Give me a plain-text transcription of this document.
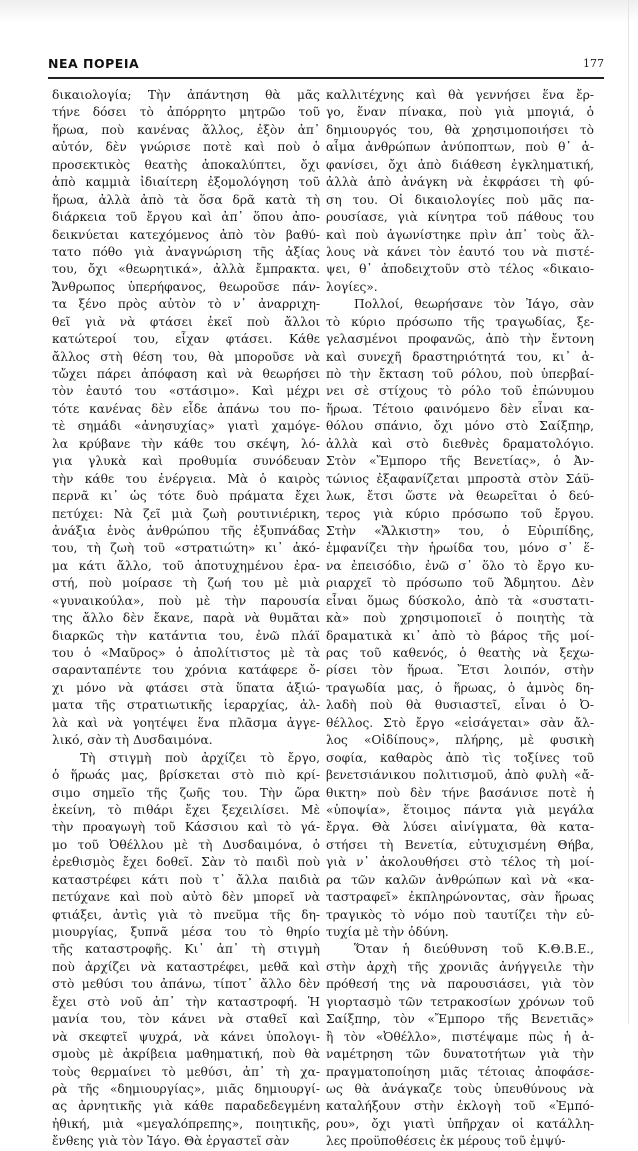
ΝΕΑ ΠΟΡΕΙΑ	177
δικαιολογία; Τὴν ἀπάντηση θὰ μᾶς
τήνε δόσει τὸ ἀπόρρητο μητρῶο τοῦ
ἥρωα, ποὺ κανένας ἄλλος, ἐξὸν ἀπ᾽
αὐτόν, δὲν γνώρισε ποτὲ καὶ ποὺ ὁ
προσεκτικὸς θεατὴς ἀποκαλύπτει, ὄχι
ἀπὸ καμμιὰ ἰδιαίτερη ἐξομολόγηση τοῦ
ἥρωα, ἀλλὰ ἀπὸ τὰ ὅσα δρᾶ κατὰ τὴ
διάρκεια τοῦ ἔργου καὶ ἀπ᾽ ὅπου ἀπο-
δεικνύεται κατεχόμενος ἀπὸ τὸν βαθύ-
τατο πόθο γιὰ ἀναγνώριση τῆς ἀξίας
του, ὄχι «θεωρητικά», ἀλλὰ ἔμπρακτα.
Ἄνθρωπος ὑπερήφανος, θεωροῦσε πάν-
τα ξένο πρὸς αὐτὸν τὸ ν᾽ ἀναρριχη-
θεῖ γιὰ νὰ φτάσει ἐκεῖ ποὺ ἄλλοι
κατώτεροί του, εἶχαν φτάσει. Κάθε
ἄλλος στὴ θέση του, θὰ μποροῦσε νὰ
τὤχει πάρει ἀπόφαση καὶ νὰ θεωρήσει
τὸν ἑαυτό του «στάσιμο». Καὶ μέχρι
τότε κανένας δὲν εἶδε ἀπάνω του πο-
τὲ σημάδι «ἀνησυχίας» γιατὶ χαμόγε-
λα κρύβανε τὴν κάθε του σκέψη, λό-
για γλυκὰ καὶ προθυμία συνόδευαν
τὴν κάθε του ἐνέργεια. Μὰ ὁ καιρὸς
περνᾶ κι᾽ ὡς τότε δυὸ πράματα ἔχει
πετύχει: Νὰ ζεῖ μιὰ ζωὴ ρουτινιέρικη,
ἀνάξια ἑνὸς ἀνθρώπου τῆς ἐξυπνάδας
του, τὴ ζωὴ τοῦ «στρατιώτη» κι᾽ ἀκό-
μα κάτι ἄλλο, τοῦ ἀποτυχημένου ἐρα-
στή, ποὺ μοίρασε τὴ ζωή του μὲ μιὰ
«γυναικούλα», ποὺ μὲ τὴν παρουσία
της ἄλλο δὲν ἔκανε, παρὰ νὰ θυμᾶται
διαρκῶς τὴν κατάντια του, ἐνῶ πλάϊ
του ὁ «Μαῦρος» ὁ ἀπολίτιστος μὲ τὰ
σαρανταπέντε του χρόνια κατάφερε ὄ-
χι μόνο νὰ φτάσει στὰ ὕπατα ἀξιώ-
ματα τῆς στρατιωτικῆς ἱεραρχίας, ἀλ-
λὰ καὶ νὰ γοητέψει ἕνα πλᾶσμα ἀγγε-
λικό, σὰν τὴ Δυσδαιμόνα.
Τὴ στιγμὴ ποὺ ἀρχίζει τὸ ἔργο,
ὁ ἥρωάς μας, βρίσκεται στὸ πιὸ κρί-
σιμο σημεῖο τῆς ζωῆς του. Τὴν ὥρα
ἐκείνη, τὸ πιθάρι ἔχει ξεχειλίσει. Μὲ
τὴν προαγωγὴ τοῦ Κάσσιου καὶ τὸ γά-
μο τοῦ Ὀθέλλου μὲ τὴ Δυσδαιμόνα, ὁ
ἐρεθισμὸς ἔχει δοθεῖ. Σὰν τὸ παιδὶ ποὺ
καταστρέφει κάτι ποὺ τ᾽ ἄλλα παιδιὰ
πετύχανε καὶ ποὺ αὐτὸ δὲν μπορεῖ νὰ
φτιάξει, ἀντὶς γιὰ τὸ πνεῦμα τῆς δη-
μιουργίας, ξυπνᾶ μέσα του τὸ θηρίο
τῆς καταστροφῆς. Κι᾽ ἀπ᾽ τὴ στιγμὴ
ποὺ ἀρχίζει νὰ καταστρέφει, μεθᾶ καὶ
στὸ μεθύσι του ἀπάνω, τίποτ᾽ ἄλλο δὲν
ἔχει στὸ νοῦ ἀπ᾽ τὴν καταστροφή. Ἡ
μανία του, τὸν κάνει νὰ σταθεῖ καὶ
νὰ σκεφτεῖ ψυχρά, νὰ κάνει ὑπολογι-
σμοὺς μὲ ἀκρίβεια μαθηματική, ποὺ θὰ
τοὺς θερμαίνει τὸ μεθύσι, ἀπ᾽ τὴ χα-
ρὰ τῆς «δημιουργίας», μιᾶς δημιουργί-
ας ἀρνητικῆς γιὰ κάθε παραδεδεγμένη
ἠθική, μιὰ «μεγαλόπρεπης», ποιητικῆς,
ἔνθεης γιὰ τὸν Ἰάγο. Θὰ ἐργαστεῖ σὰν
καλλιτέχνης καὶ θὰ γεννήσει ἕνα ἔρ-
γο, ἕναν πίνακα, ποὺ γιὰ μπογιά, ὁ
δημιουργός του, θὰ χρησιμοποιήσει τὸ
αἷμα ἀνθρώπων ἀνύποπτων, ποὺ θ᾽ ἀ-
φανίσει, ὄχι ἀπὸ διάθεση ἐγκληματική,
ἀλλὰ ἀπὸ ἀνάγκη νὰ ἐκφράσει τὴ φύ-
ση του. Οἱ δικαιολογίες ποὺ μᾶς πα-
ρουσίασε, γιὰ κίνητρα τοῦ πάθους του
καὶ ποὺ ἀγωνίστηκε πρὶν ἀπ᾽ τοὺς ἄλ-
λους νὰ κάνει τὸν ἑαυτό του νὰ πιστέ-
ψει, θ᾽ ἀποδειχτοῦν στὸ τέλος «δικαιο-
λογίες».
Πολλοί, θεωρήσανε τὸν Ἰάγο, σὰν
τὸ κύριο πρόσωπο τῆς τραγωδίας, ξε-
γελασμένοι προφανῶς, ἀπὸ τὴν ἔντονη
καὶ συνεχῆ δραστηριότητά του, κι᾽ ἀ-
πὸ τὴν ἔκταση τοῦ ρόλου, ποὺ ὑπερβαί-
νει σὲ στίχους τὸ ρόλο τοῦ ἐπώνυμου
ἥρωα. Τέτοιο φαινόμενο δὲν εἶναι κα-
θόλου σπάνιο, ὄχι μόνο στὸ Σαίξπηρ,
ἀλλὰ καὶ στὸ διεθνὲς δραματολόγιο.
Στὸν «Ἔμπορο τῆς Βενετίας», ὁ Ἀν-
τώνιος ἐξαφανίζεται μπροστὰ στὸν Σάϋ-
λωκ, ἔτσι ὥστε νὰ θεωρεῖται ὁ δεύ-
τερος γιὰ κύριο πρόσωπο τοῦ ἔργου.
Στὴν «Ἄλκιστη» του, ὁ Εὐριπίδης,
ἐμφανίζει τὴν ἡρωίδα του, μόνο σ᾽ ἕ-
να ἐπεισόδιο, ἐνῶ σ᾽ ὅλο τὸ ἔργο κυ-
ριαρχεῖ τὸ πρόσωπο τοῦ Ἄδμητου. Δὲν
εἶναι ὅμως δύσκολο, ἀπὸ τὰ «συστατι-
κὰ» ποὺ χρησιμοποιεῖ ὁ ποιητὴς τὰ
δραματικὰ κι᾽ ἀπὸ τὸ βάρος τῆς μοί-
ρας τοῦ καθενός, ὁ θεατὴς νὰ ξεχω-
ρίσει τὸν ἥρωα. Ἔτσι λοιπόν, στὴν
τραγωδία μας, ὁ ἥρωας, ὁ ἀμνὸς δη-
λαδὴ ποὺ θὰ θυσιαστεῖ, εἶναι ὁ Ὀ-
θέλλος. Στὸ ἔργο «εἰσάγεται» σὰν ἄλ-
λος «Οἰδίπους», πλήρης, μὲ φυσικὴ
σοφία, καθαρὸς ἀπὸ τὶς τοξίνες τοῦ
βενετσιάνικου πολιτισμοῦ, ἀπὸ φυλὴ «ἄ-
θικτη» ποὺ δὲν τήνε βασάνισε ποτὲ ἡ
«ὑποψία», ἕτοιμος πάντα γιὰ μεγάλα
ἔργα. Θὰ λύσει αἰνίγματα, θὰ κατα-
στήσει τὴ Βενετία, εὐτυχισμένη Θήβα,
γιὰ ν᾽ ἀκολουθήσει στὸ τέλος τὴ μοί-
ρα τῶν καλῶν ἀνθρώπων καὶ νὰ «κα-
ταστραφεῖ» ἐκπληρώνοντας, σὰν ἥρωας
τραγικὸς τὸ νόμο ποὺ ταυτίζει τὴν εὐ-
τυχία μὲ τὴν ὀδύνη.
Ὅταν ἡ διεύθυνση τοῦ Κ.Θ.Β.Ε.,
στὴν ἀρχὴ τῆς χρονιᾶς ἀνήγγειλε τὴν
πρόθεσή της νὰ παρουσιάσει, γιὰ τὸν
γιορτασμὸ τῶν τετρακοσίων χρόνων τοῦ
Σαίξπηρ, τὸν «Ἔμπορο τῆς Βενετιᾶς»
ἢ τὸν «Ὀθέλλο», πιστέψαμε πὼς ἡ ἀ-
ναμέτρηση τῶν δυνατοτήτων γιὰ τὴν
πραγματοποίηση μιᾶς τέτοιας ἀποφάσε-
ως θὰ ἀνάγκαζε τοὺς ὑπευθύνους νὰ
καταλήξουν στὴν ἐκλογὴ τοῦ «Ἐμπό-
ρου», ὄχι γιατὶ ὑπῆρχαν οἱ κατάλλη-
λες προϋποθέσεις ἐκ μέρους τοῦ ἐμψύ-
